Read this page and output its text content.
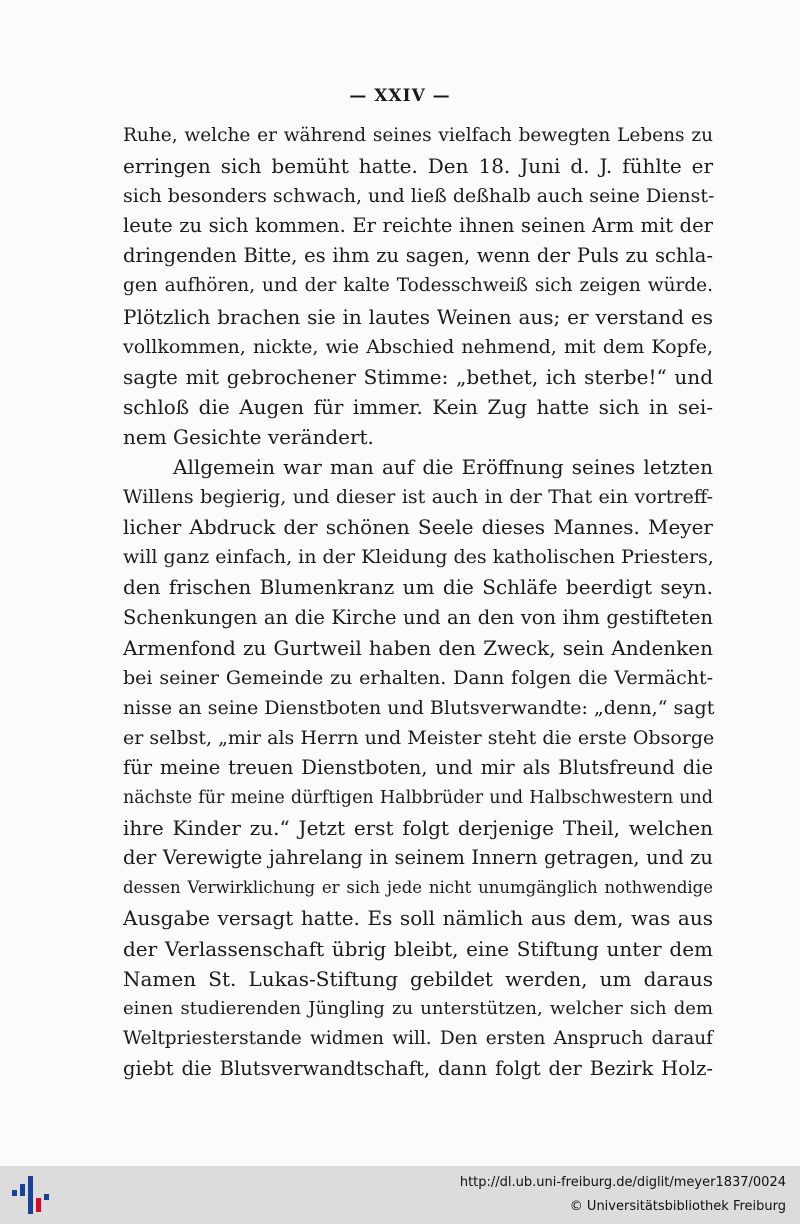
— XXIV —
Ruhe, welche er während seines vielfach bewegten Lebens zu
erringen sich bemüht hatte. Den 18. Juni d. J. fühlte er
sich besonders schwach, und ließ deßhalb auch seine Dienst-
leute zu sich kommen. Er reichte ihnen seinen Arm mit der
dringenden Bitte, es ihm zu sagen, wenn der Puls zu schla-
gen aufhören, und der kalte Todesschweiß sich zeigen würde.
Plötzlich brachen sie in lautes Weinen aus; er verstand es
vollkommen, nickte, wie Abschied nehmend, mit dem Kopfe,
sagte mit gebrochener Stimme: „bethet, ich sterbe!“ und
schloß die Augen für immer. Kein Zug hatte sich in sei-
nem Gesichte verändert.
Allgemein war man auf die Eröffnung seines letzten
Willens begierig, und dieser ist auch in der That ein vortreff-
licher Abdruck der schönen Seele dieses Mannes. Meyer
will ganz einfach, in der Kleidung des katholischen Priesters,
den frischen Blumenkranz um die Schläfe beerdigt seyn.
Schenkungen an die Kirche und an den von ihm gestifteten
Armenfond zu Gurtweil haben den Zweck, sein Andenken
bei seiner Gemeinde zu erhalten. Dann folgen die Vermächt-
nisse an seine Dienstboten und Blutsverwandte: „denn,“ sagt
er selbst, „mir als Herrn und Meister steht die erste Obsorge
für meine treuen Dienstboten, und mir als Blutsfreund die
nächste für meine dürftigen Halbbrüder und Halbschwestern und
ihre Kinder zu.“ Jetzt erst folgt derjenige Theil, welchen
der Verewigte jahrelang in seinem Innern getragen, und zu
dessen Verwirklichung er sich jede nicht unumgänglich nothwendige
Ausgabe versagt hatte. Es soll nämlich aus dem, was aus
der Verlassenschaft übrig bleibt, eine Stiftung unter dem
Namen St. Lukas-Stiftung gebildet werden, um daraus
einen studierenden Jüngling zu unterstützen, welcher sich dem
Weltpriesterstande widmen will. Den ersten Anspruch darauf
giebt die Blutsverwandtschaft, dann folgt der Bezirk Holz-
http://dl.ub.uni-freiburg.de/diglit/meyer1837/0024
© Universitätsbibliothek Freiburg
